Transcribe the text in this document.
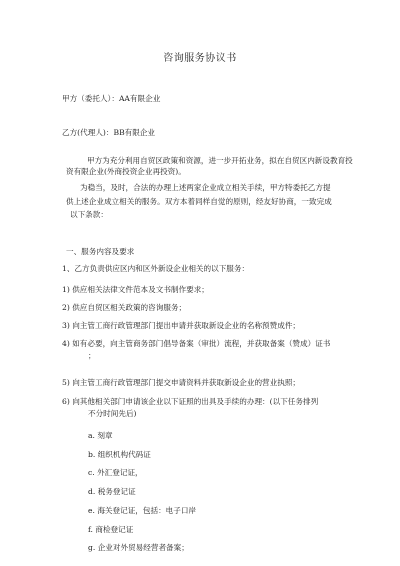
咨询服务协议书
甲方（委托人）：AA有限企业
乙方(代理人)：BB有限企业
甲方为充分利用自贸区政策和资源，进一步开拓业务，拟在自贸区内新设教育投
资有限企业(外商投资企业再投资)。
为稳当，及时，合法的办理上述两家企业成立相关手续，甲方特委托乙方提
供上述企业成立相关的服务。双方本着同样自觉的原则，经友好协商，一致完成
以下条款：
一、服务内容及要求
1、乙方负责供应区内和区外新设企业相关的以下服务：
1) 供应相关法律文件范本及文书制作要求；
2) 供应自贸区相关政策的咨询服务；
3) 向主管工商行政管理部门提出申请并获取新设企业的名称预赞成件；
4) 如有必要，向主管商务部门倡导备案（审批）流程，并获取备案（赞成）证书
；
5) 向主管工商行政管理部门提交申请资料并获取新设企业的营业执照；
6) 向其他相关部门申请该企业以下证照的出具及手续的办理：(以下任务排列
不分时间先后)
a. 刻章
b. 组织机构代码证
c. 外汇登记证，
d. 税务登记证
e. 海关登记证，包括：电子口岸
f. 商检登记证
g. 企业对外贸易经营者备案；
